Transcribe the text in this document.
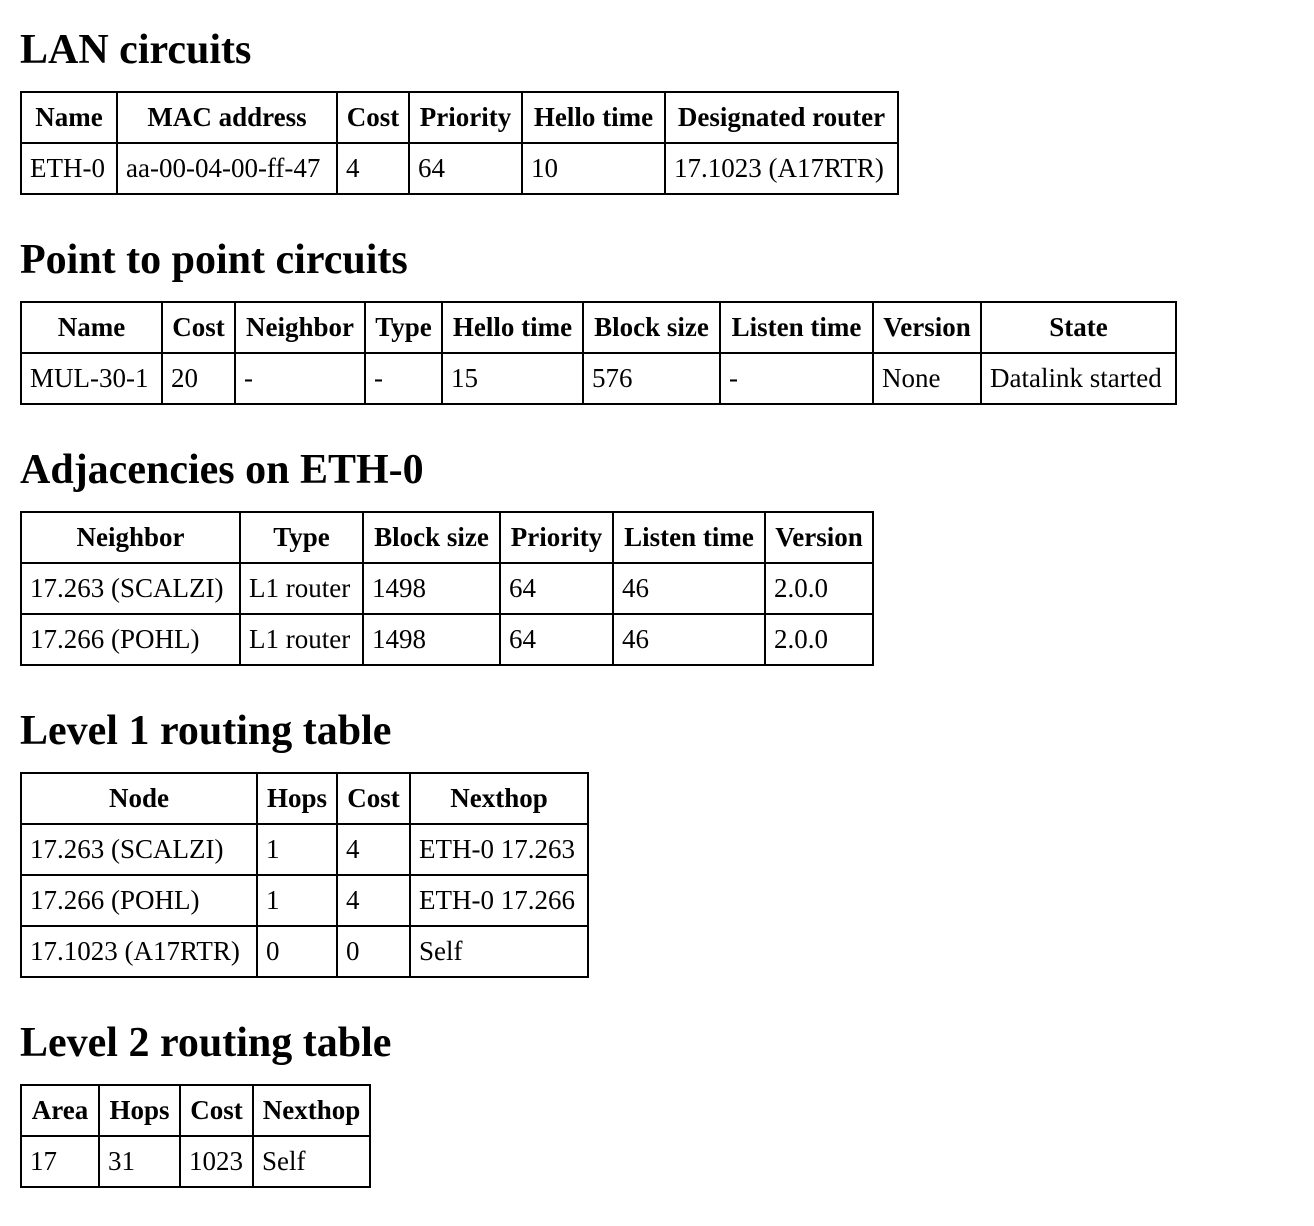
LAN circuits
Name	MAC address	Cost	Priority	Hello time	Designated router
ETH-0	aa-00-04-00-ff-47	4	64	10	17.1023 (A17RTR)
Point to point circuits
Name	Cost	Neighbor	Type	Hello time	Block size	Listen time	Version	State
MUL-30-1	20	-	-	15	576	-	None	Datalink started
Adjacencies on ETH-0
Neighbor	Type	Block size	Priority	Listen time	Version
17.263 (SCALZI)	L1 router	1498	64	46	2.0.0
17.266 (POHL)	L1 router	1498	64	46	2.0.0
Level 1 routing table
Node	Hops	Cost	Nexthop
17.263 (SCALZI)	1	4	ETH-0 17.263
17.266 (POHL)	1	4	ETH-0 17.266
17.1023 (A17RTR)	0	0	Self
Level 2 routing table
Area	Hops	Cost	Nexthop
17	31	1023	Self
